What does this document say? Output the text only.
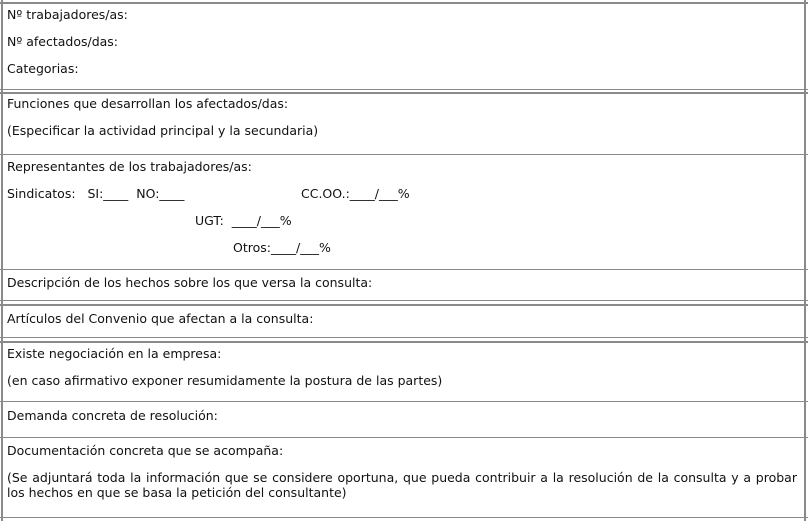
Nº trabajadores/as:
Nº afectados/das:
Categorias:
Funciones que desarrollan los afectados/das:
(Especificar la actividad principal y la secundaria)
Representantes de los trabajadores/as:
Sindicatos:   SI:____  NO:____	CC.OO.:____/___%
UGT:  ____/___%
Otros:____/___%
Descripción de los hechos sobre los que versa la consulta:
Artículos del Convenio que afectan a la consulta:
Existe negociación en la empresa:
(en caso afirmativo exponer resumidamente la postura de las partes)
Demanda concreta de resolución:
Documentación concreta que se acompaña:
(Se adjuntará toda la información que se considere oportuna, que pueda contribuir a la resolución de la consulta y a probar los hechos en que se basa la petición del consultante)
